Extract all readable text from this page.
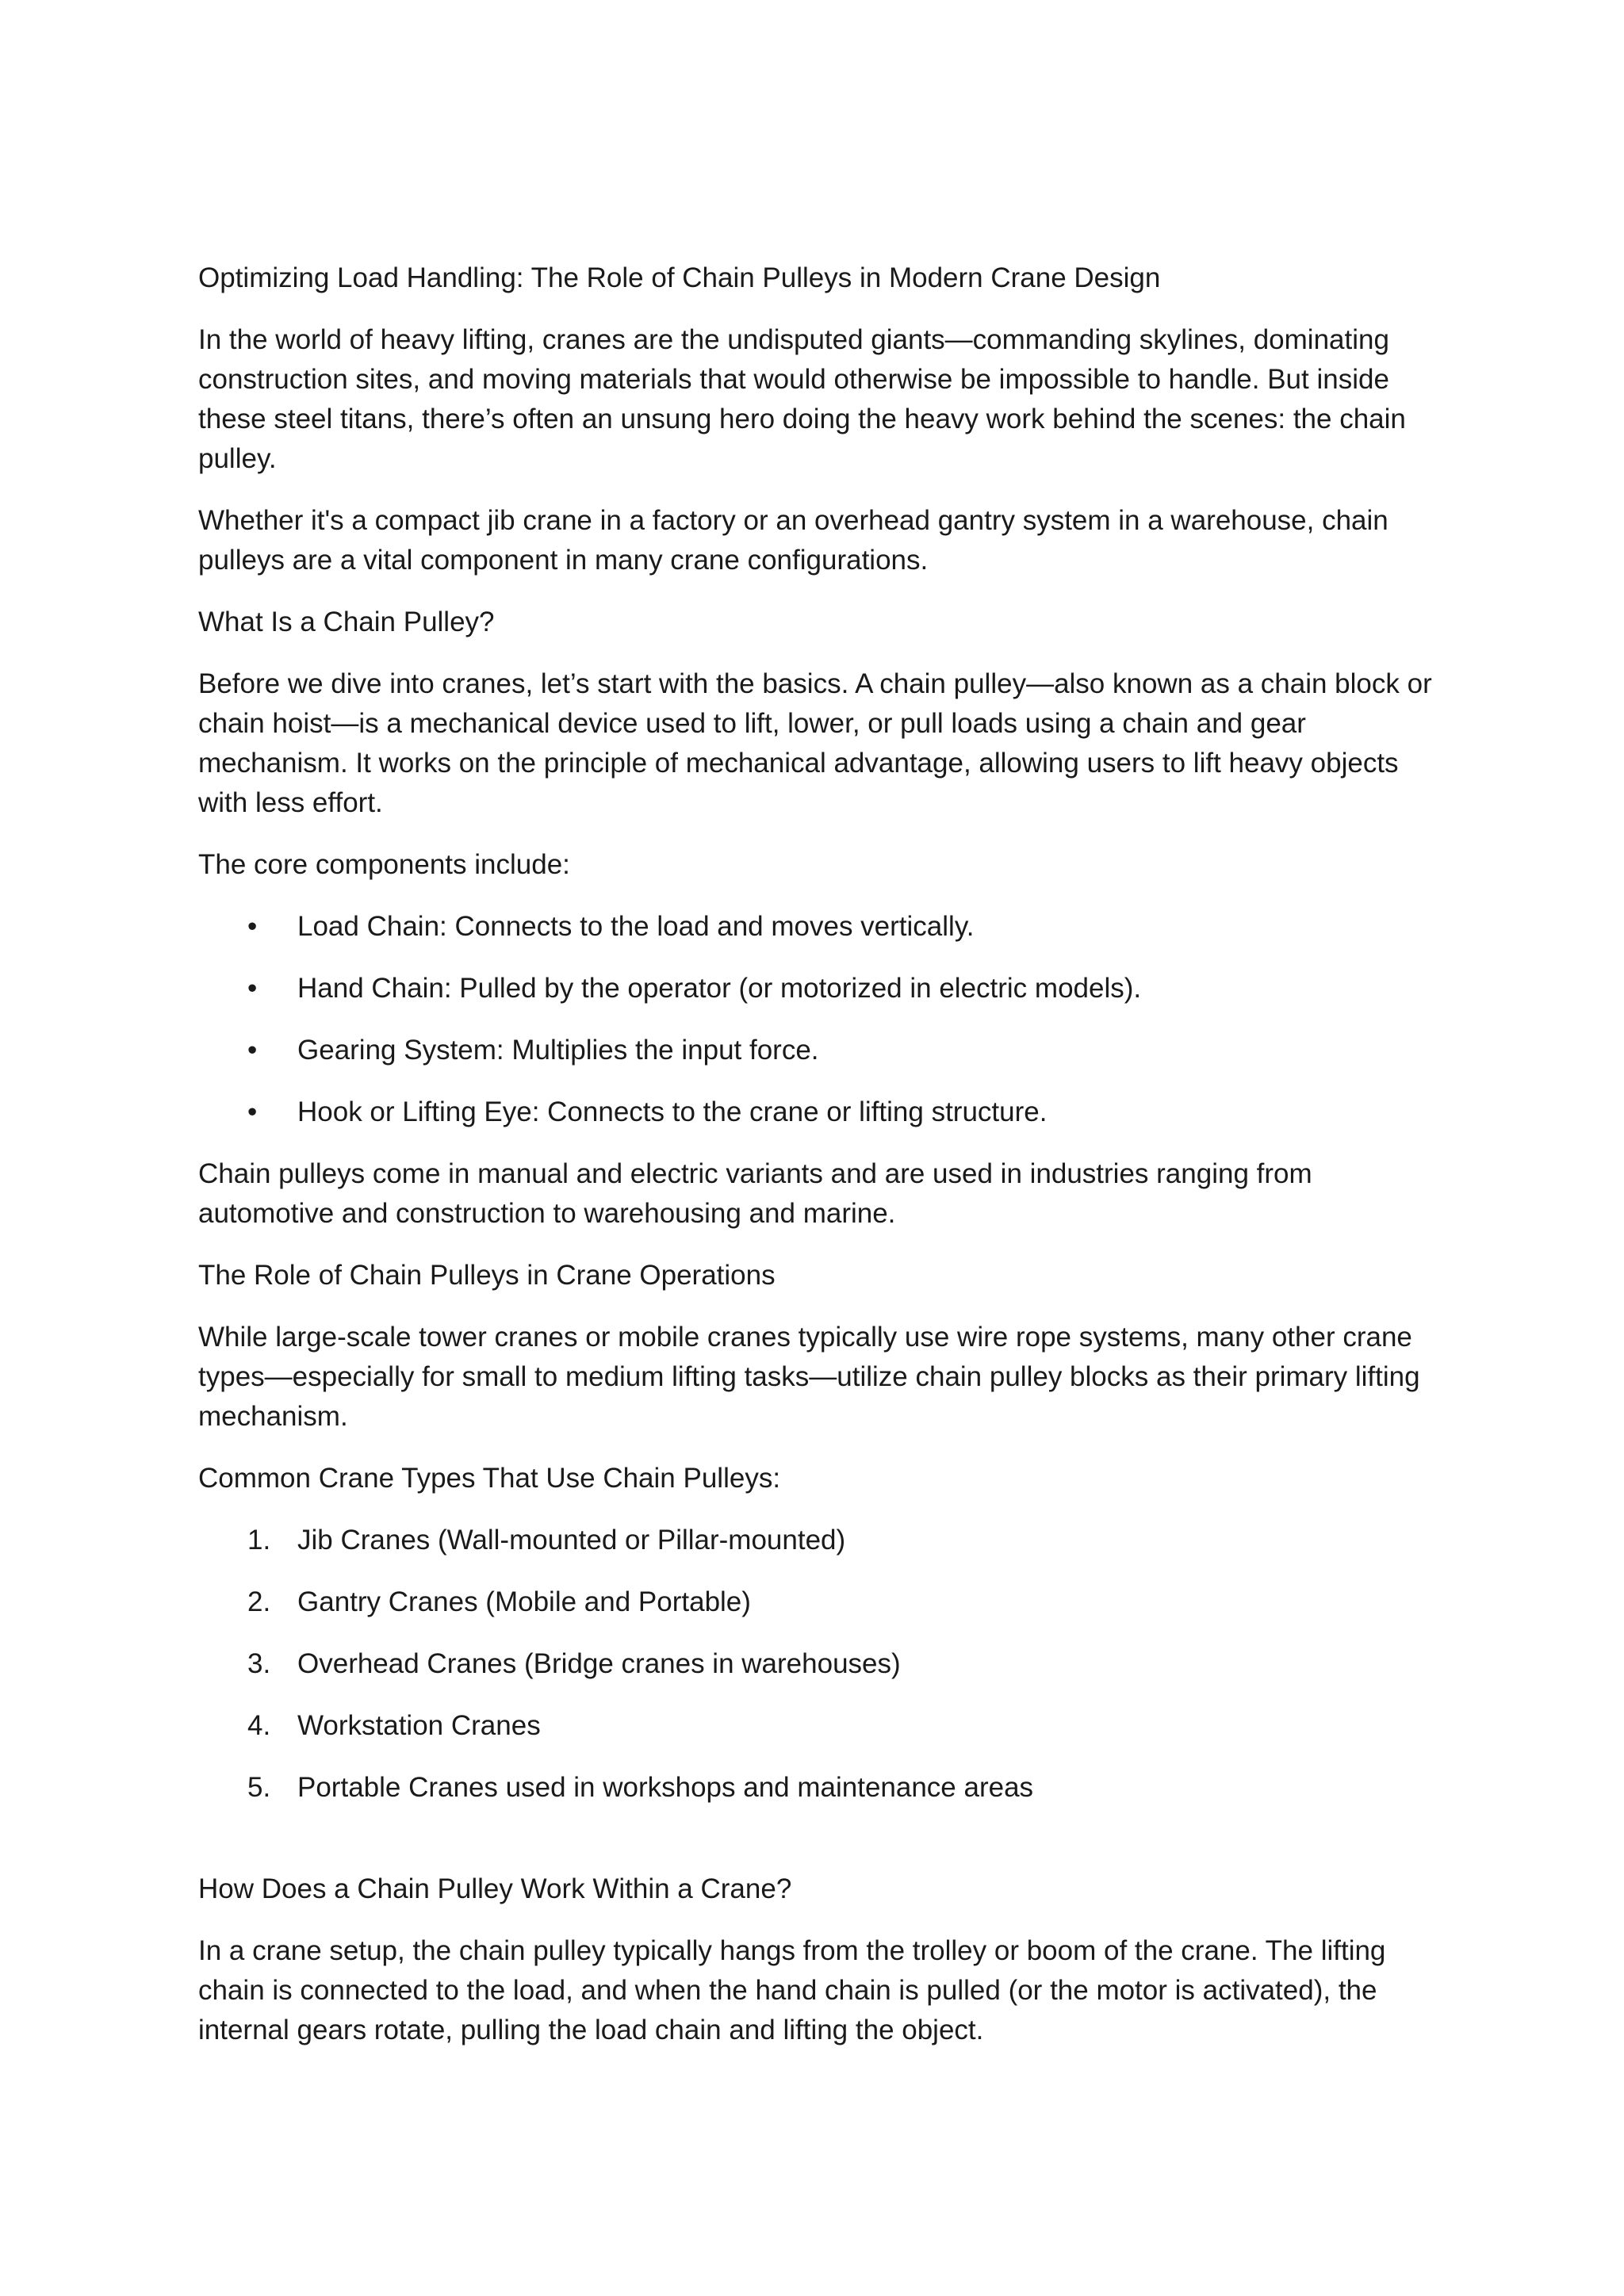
Optimizing Load Handling: The Role of Chain Pulleys in Modern Crane Design

In the world of heavy lifting, cranes are the undisputed giants—commanding skylines, dominating construction sites, and moving materials that would otherwise be impossible to handle. But inside these steel titans, there’s often an unsung hero doing the heavy work behind the scenes: the chain pulley.

Whether it's a compact jib crane in a factory or an overhead gantry system in a warehouse, chain pulleys are a vital component in many crane configurations.

What Is a Chain Pulley?

Before we dive into cranes, let’s start with the basics. A chain pulley—also known as a chain block or chain hoist—is a mechanical device used to lift, lower, or pull loads using a chain and gear mechanism. It works on the principle of mechanical advantage, allowing users to lift heavy objects with less effort.

The core components include:

• Load Chain: Connects to the load and moves vertically.
• Hand Chain: Pulled by the operator (or motorized in electric models).
• Gearing System: Multiplies the input force.
• Hook or Lifting Eye: Connects to the crane or lifting structure.

Chain pulleys come in manual and electric variants and are used in industries ranging from automotive and construction to warehousing and marine.

The Role of Chain Pulleys in Crane Operations

While large-scale tower cranes or mobile cranes typically use wire rope systems, many other crane types—especially for small to medium lifting tasks—utilize chain pulley blocks as their primary lifting mechanism.

Common Crane Types That Use Chain Pulleys:

1. Jib Cranes (Wall-mounted or Pillar-mounted)
2. Gantry Cranes (Mobile and Portable)
3. Overhead Cranes (Bridge cranes in warehouses)
4. Workstation Cranes
5. Portable Cranes used in workshops and maintenance areas
How Does a Chain Pulley Work Within a Crane?

In a crane setup, the chain pulley typically hangs from the trolley or boom of the crane. The lifting chain is connected to the load, and when the hand chain is pulled (or the motor is activated), the internal gears rotate, pulling the load chain and lifting the object.
